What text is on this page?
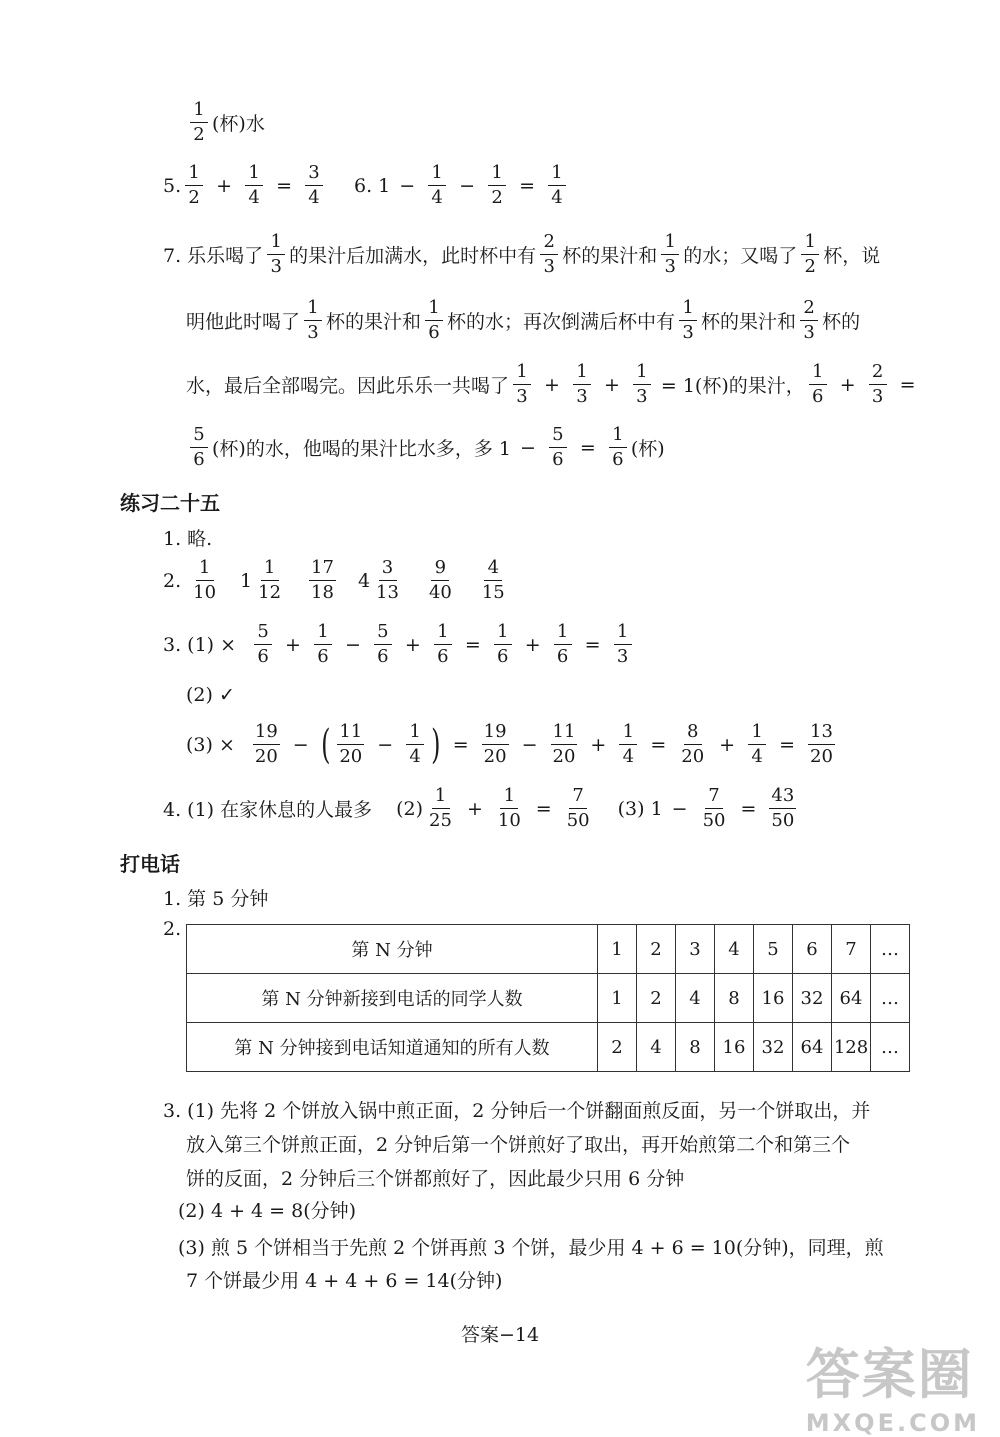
1
2 (杯)水
5.
1
2
+ $\frac{1}{4} = \frac{3}{4} 6$. $1 - \frac{1}{4} - \frac{1}{2} = \frac{1}{4}$
7. 乐乐喝了
1
3 的果汁后加满水，此时杯中有
2
3 杯的果汁和
1
3 的水；又喝了
1
2 杯，说
明他此时喝了
1
3 杯的果汁和
1
6 杯的水；再次倒满后杯中有
1
3 杯的果汁和
2
3 杯的
水，最后全部喝完。因此乐乐一共喝了
1
3
+ $\frac{1}{3} + \frac{1}{3} = 1$(杯)的果汁，
1
6
+ $\frac{2}{3}$ =
5
6 (杯)的水，他喝的果汁比水多，多 $1 - \frac{5}{6} = \frac{1}{6}$ (杯)
练习二十五
1. 略.
2.
1
10
1
1
12
17
18
4
3
13
9
40
4
15
3. $(1) \times \frac{5}{6} + \frac{1}{6} - \frac{5}{6} + \frac{1}{6} = \frac{1}{6} + \frac{1}{6} = \frac{1}{3}$
(2) ✓
$(3) \times \frac{19}{20}$ − ( 11
20
− $\frac{1}{4}$ ) = $\frac{19}{20} - \frac{11}{20} + \frac{1}{4} = \frac{8}{20} + \frac{1}{4} = \frac{13}{20}$
4. (1) 在家休息的人最多 (2)
1
25
+ $\frac{1}{10} = \frac{7}{50} (3) 1 - \frac{7}{50} = \frac{43}{50}$
打电话
1. 第 5 分钟
2.
第 N 分钟	1	2	3	4	5	6	7	…
第 N 分钟新接到电话的同学人数	1	2	4	8	16	32	64	…
第 N 分钟接到电话知道通知的所有人数	2	4	8	16	32	64	128	…
3. (1) 先将 2 个饼放入锅中煎正面，2 分钟后一个饼翻面煎反面，另一个饼取出，并
放入第三个饼煎正面，2 分钟后第一个饼煎好了取出，再开始煎第二个和第三个
饼的反面，2 分钟后三个饼都煎好了，因此最少只用 6 分钟
(2) 4 + 4 = 8(分钟)
(3) 煎 5 个饼相当于先煎 2 个饼再煎 3 个饼，最少用 4 + 6 = 10(分钟)，同理，煎
7 个饼最少用 4 + 4 + 6 = 14(分钟)
答案−14
答案圈
MXQE.COM
